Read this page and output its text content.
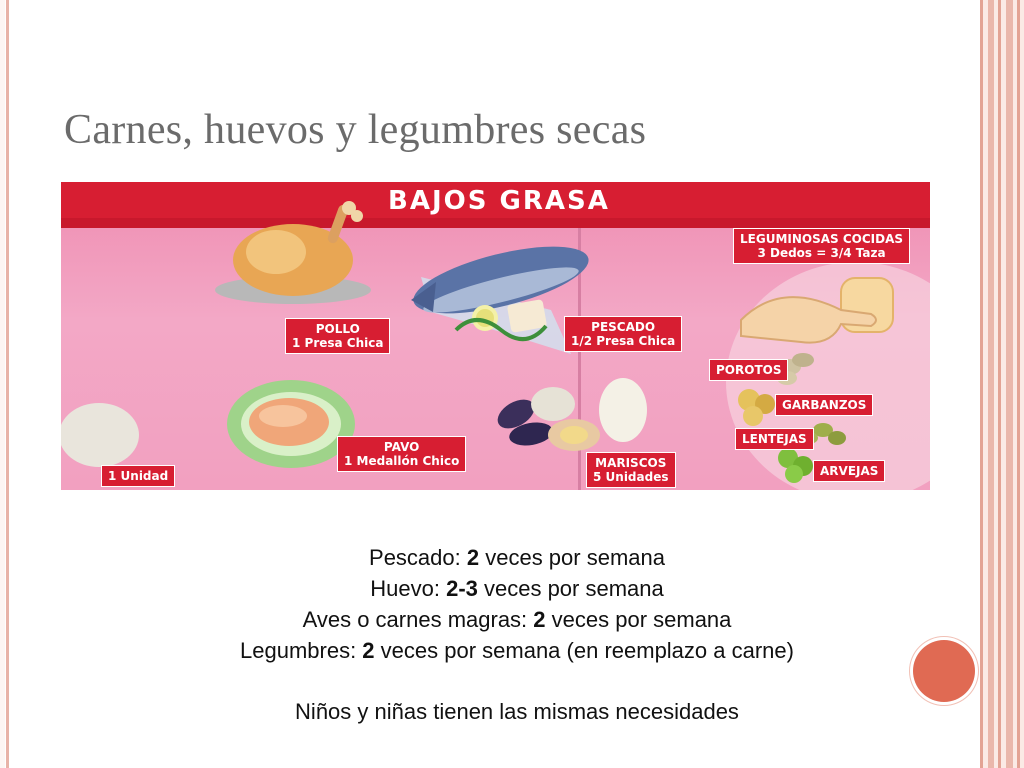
Carnes, huevos y legumbres secas
BAJOS GRASA
POLLO
1 Presa Chica
PESCADO
1/2 Presa Chica
PAVO
1 Medallón Chico
1 Unidad
MARISCOS
5 Unidades
LEGUMINOSAS COCIDAS
3 Dedos = 3/4 Taza
POROTOS
GARBANZOS
LENTEJAS
ARVEJAS
Pescado: 2 veces por semana
Huevo: 2-3 veces por semana
Aves o carnes magras: 2 veces por semana
Legumbres: 2 veces por semana (en reemplazo a carne)
Niños y niñas tienen las mismas necesidades
